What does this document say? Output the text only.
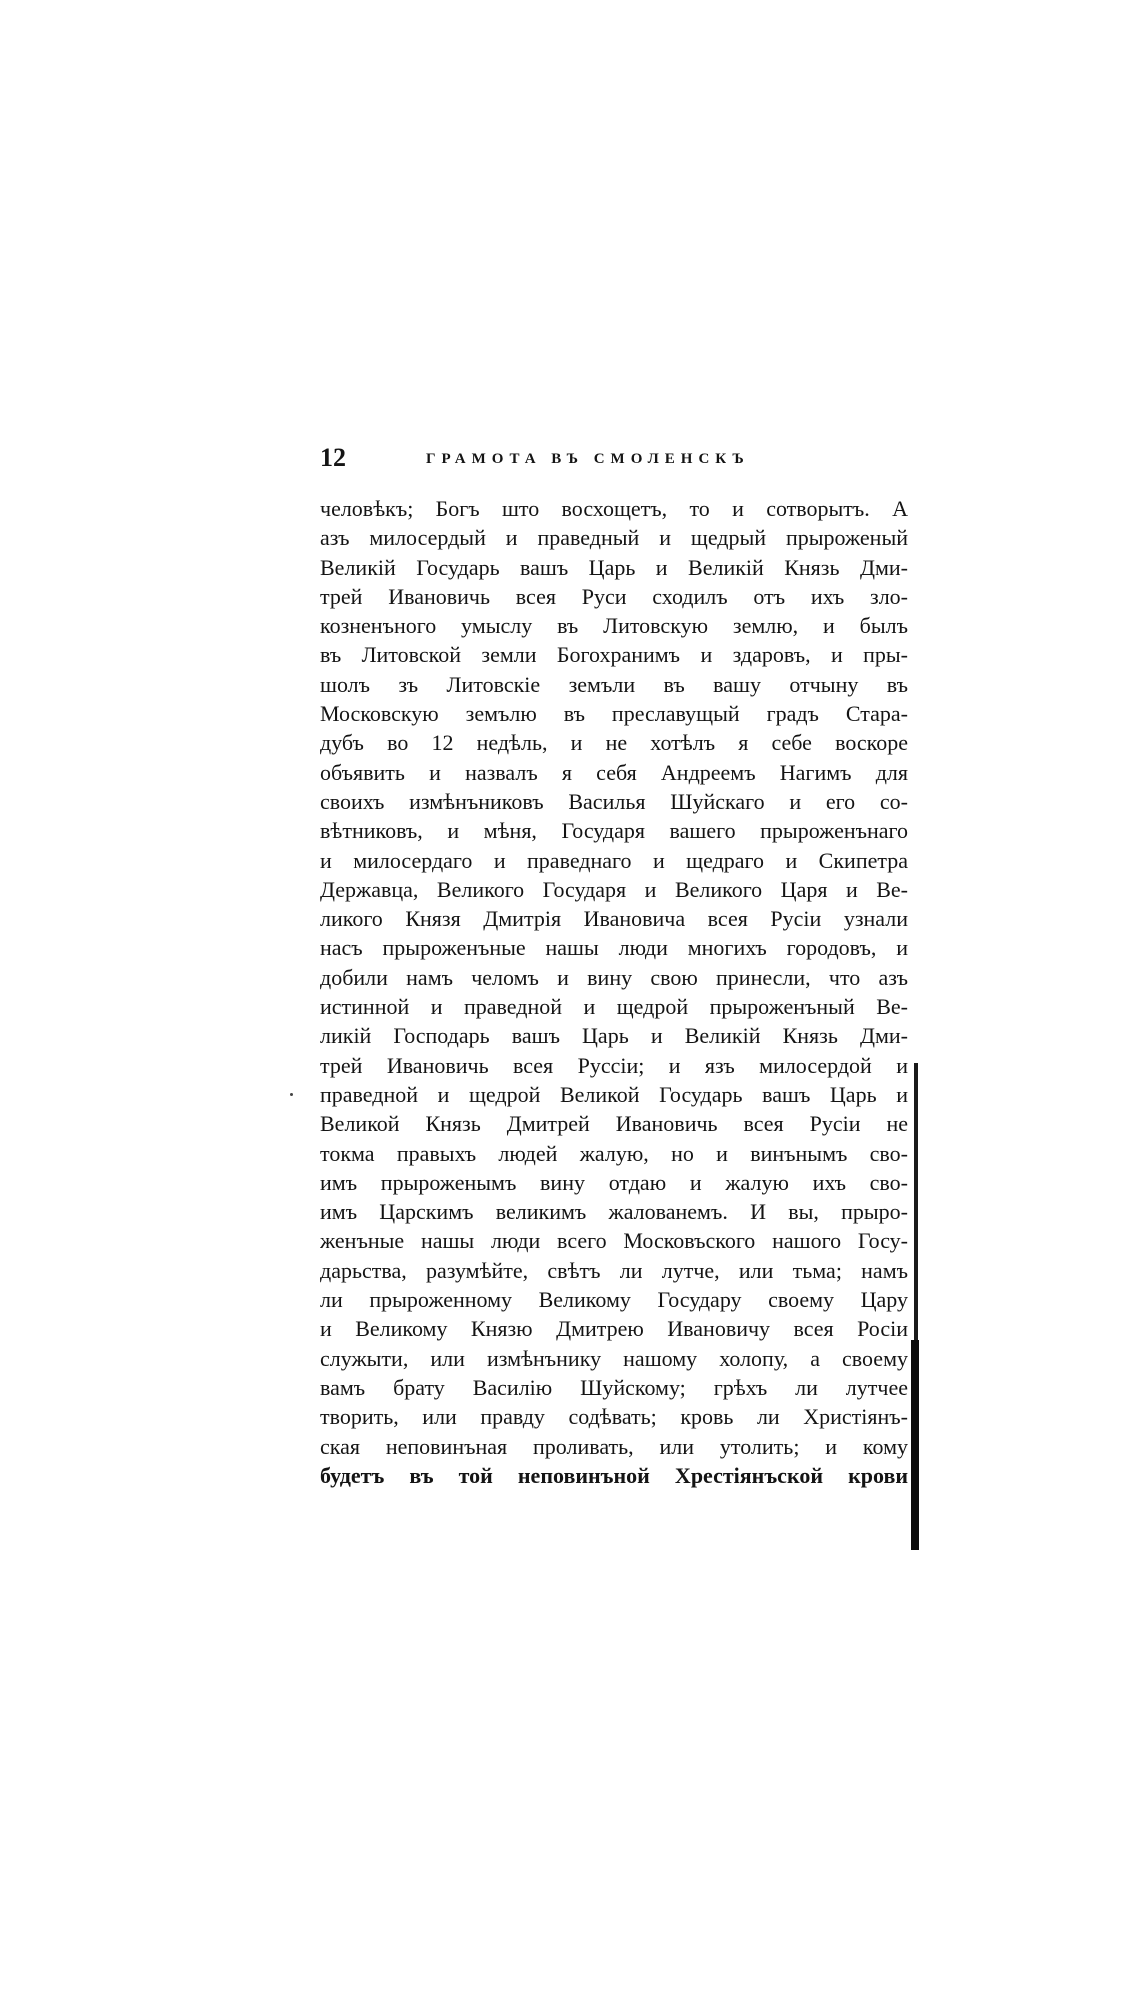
12	ГРАМОТА ВЪ СМОЛЕНСКЪ
человѣкъ; Богъ што восхощетъ, то и сотворытъ. А
азъ милосердый и праведный и щедрый прыроженый
Великій Государь вашъ Царь и Великій Князь Дми-
трей Ивановичь всея Руси сходилъ отъ ихъ зло-
козненъного умыслу въ Литовскую землю, и былъ
въ Литовской земли Богохранимъ и здаровъ, и пры-
шолъ зъ Литовскіе земъли въ вашу отчыну въ
Московскую земълю въ преславущый градъ Стара-
дубъ во 12 недѣль, и не хотѣлъ я себе воскоре
объявить и назвалъ я себя Андреемъ Нагимъ для
своихъ измѣнъниковъ Василья Шуйскаго и его со-
вѣтниковъ, и мѣня, Государя вашего прыроженънаго
и милосердаго и праведнаго и щедраго и Скипетра
Державца, Великого Государя и Великого Царя и Ве-
ликого Князя Дмитрія Ивановича всея Русіи узнали
насъ прыроженъные нашы люди многихъ городовъ, и
добили намъ челомъ и вину свою принесли, что азъ
истинной и праведной и щедрой прыроженъный Ве-
ликій Господарь вашъ Царь и Великій Князь Дми-
трей Ивановичь всея Руссіи; и язъ милосердой и
праведной и щедрой Великой Государь вашъ Царь и
Великой Князь Дмитрей Ивановичь всея Русіи не
токма правыхъ людей жалую, но и винънымъ сво-
имъ прыроженымъ вину отдаю и жалую ихъ сво-
имъ Царскимъ великимъ жалованемъ. И вы, прыро-
женъные нашы люди всего Московъского нашого Госу-
дарьства, разумѣйте, свѣтъ ли лутче, или тьма; намъ
ли прыроженному Великому Государу своему Цару
и Великому Князю Дмитрею Ивановичу всея Росіи
служыти, или измѣнънику нашому холопу, а своему
вамъ брату Василію Шуйскому; грѣхъ ли лутчее
творить, или правду содѣвать; кровь ли Христіянъ-
ская неповинъная проливать, или утолить; и кому
будетъ въ той неповинъной Хрестіянъской крови
